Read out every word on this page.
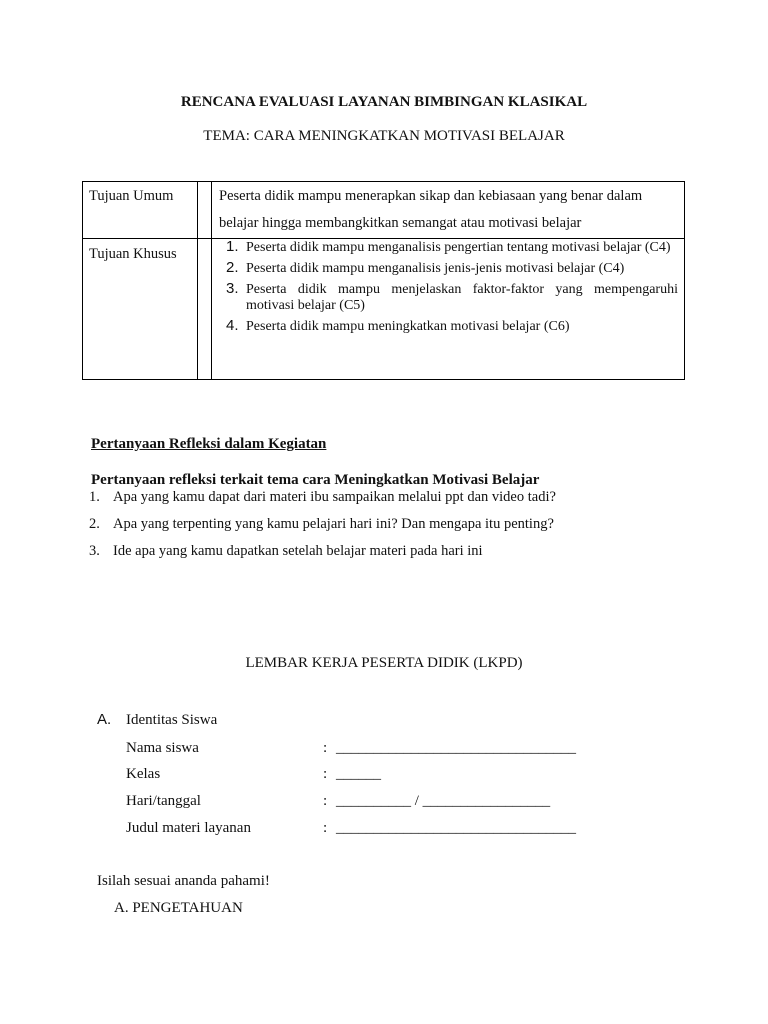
RENCANA EVALUASI LAYANAN BIMBINGAN KLASIKAL
TEMA: CARA MENINGKATKAN MOTIVASI BELAJAR
Tujuan Umum	Peserta didik mampu menerapkan sikap dan kebiasaan yang benar dalam
belajar hingga membangkitkan semangat atau motivasi belajar
Tujuan Khusus	1. Peserta didik mampu menganalisis pengertian tentang motivasi belajar (C4)
2. Peserta didik mampu menganalisis jenis-jenis motivasi belajar (C4)
3. Peserta didik mampu menjelaskan faktor-faktor yang mempengaruhi motivasi belajar (C5)
4. Peserta didik mampu meningkatkan motivasi belajar (C6)
Pertanyaan Refleksi dalam Kegiatan
Pertanyaan refleksi terkait tema cara Meningkatkan Motivasi Belajar
1. Apa yang kamu dapat dari materi ibu sampaikan melalui ppt dan video tadi?
2. Apa yang terpenting yang kamu pelajari hari ini? Dan mengapa itu penting?
3. Ide apa yang kamu dapatkan setelah belajar materi pada hari ini
LEMBAR KERJA PESERTA DIDIK (LKPD)
A. Identitas Siswa
Nama siswa	: ________________________________
Kelas	: ______
Hari/tanggal	: __________ / _________________
Judul materi layanan	: ________________________________
Isilah sesuai ananda pahami!
A. PENGETAHUAN
